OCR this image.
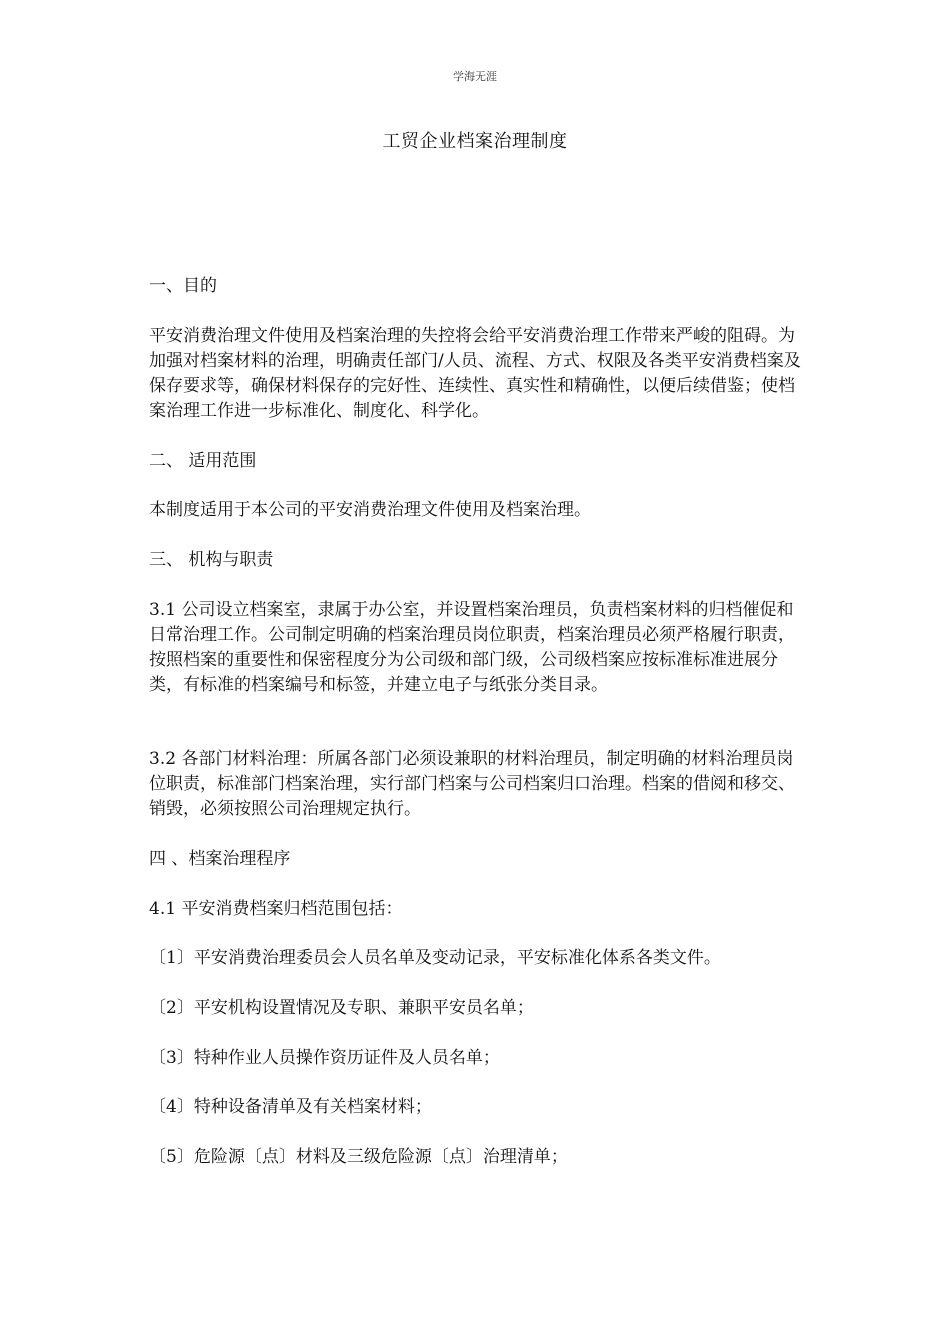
学海无涯
工贸企业档案治理制度

一、目的

平安消费治理文件使用及档案治理的失控将会给平安消费治理工作带来严峻的阻碍。为加强对档案材料的治理，明确责任部门/人员、流程、方式、权限及各类平安消费档案及保存要求等，确保材料保存的完好性、连续性、真实性和精确性，以便后续借鉴；使档案治理工作进一步标准化、制度化、科学化。

二、 适用范围

本制度适用于本公司的平安消费治理文件使用及档案治理。

三、 机构与职责

3.1 公司设立档案室，隶属于办公室，并设置档案治理员，负责档案材料的归档催促和日常治理工作。公司制定明确的档案治理员岗位职责，档案治理员必须严格履行职责，按照档案的重要性和保密程度分为公司级和部门级，公司级档案应按标准标准进展分类，有标准的档案编号和标签，并建立电子与纸张分类目录。

3.2 各部门材料治理：所属各部门必须设兼职的材料治理员，制定明确的材料治理员岗位职责，标准部门档案治理，实行部门档案与公司档案归口治理。档案的借阅和移交、销毁，必须按照公司治理规定执行。

四 、档案治理程序

4.1 平安消费档案归档范围包括：

〔1〕平安消费治理委员会人员名单及变动记录，平安标准化体系各类文件。

〔2〕平安机构设置情况及专职、兼职平安员名单；

〔3〕特种作业人员操作资历证件及人员名单；

〔4〕特种设备清单及有关档案材料；

〔5〕危险源〔点〕材料及三级危险源〔点〕治理清单；
